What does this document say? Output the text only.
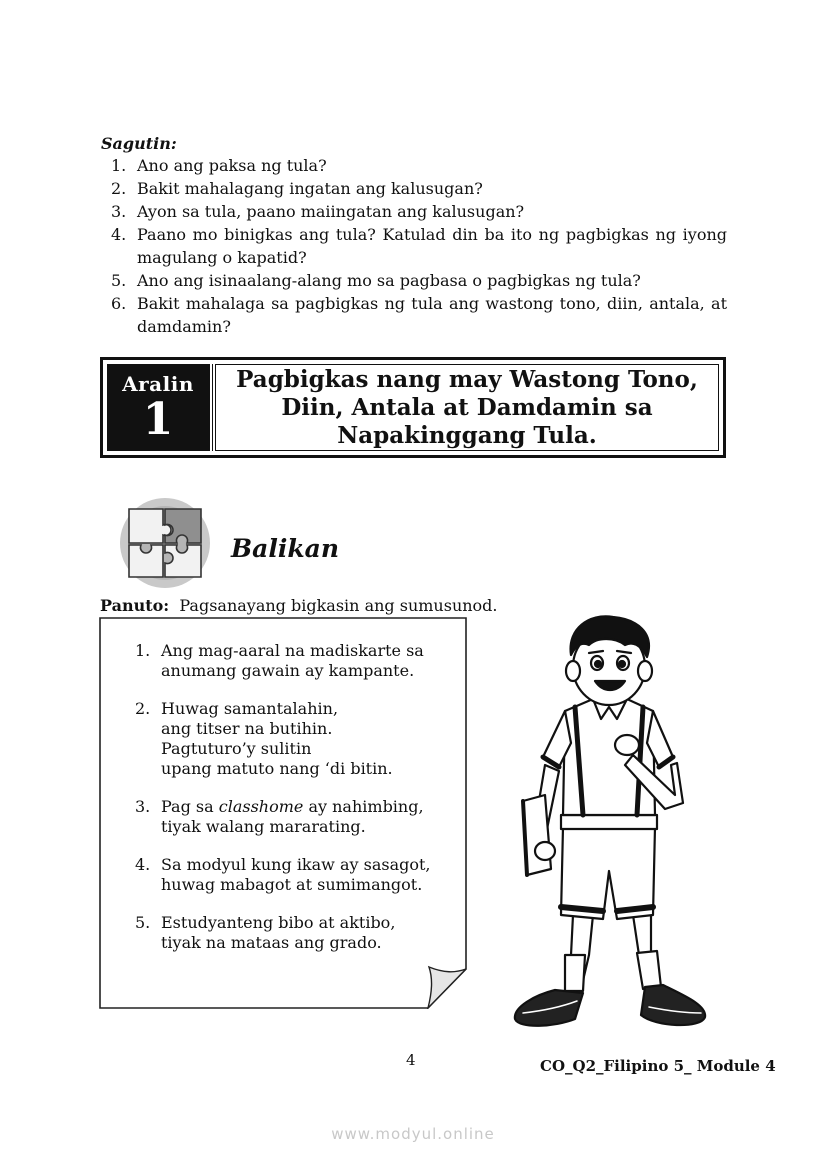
Sagutin:
1. Ano ang paksa ng tula?
2. Bakit mahalagang ingatan ang kalusugan?
3. Ayon sa tula, paano maiingatan ang kalusugan?
4. Paano mo binigkas ang tula? Katulad din ba ito ng pagbigkas ng iyong magulang o kapatid?
5. Ano ang isinaalang-alang mo sa pagbasa o pagbigkas ng tula?
6. Bakit mahalaga sa pagbigkas ng tula ang wastong tono, diin, antala, at damdamin?
Aralin
1
Pagbigkas nang may Wastong Tono, Diin, Antala at Damdamin sa Napakinggang Tula.
Balikan
Panuto: Pagsanayang bigkasin ang sumusunod.
1. Ang mag-aaral na madiskarte sa
anumang gawain ay kampante.
2. Huwag samantalahin,
ang titser na butihin.
Pagtuturo’y sulitin
upang matuto nang ‘di bitin.
3. Pag sa classhome ay nahimbing,
tiyak walang mararating.
4. Sa modyul kung ikaw ay sasagot,
huwag mabagot at sumimangot.
5. Estudyanteng bibo at aktibo,
tiyak na mataas ang grado.
4	CO_Q2_Filipino 5_ Module 4
www.modyul.online
